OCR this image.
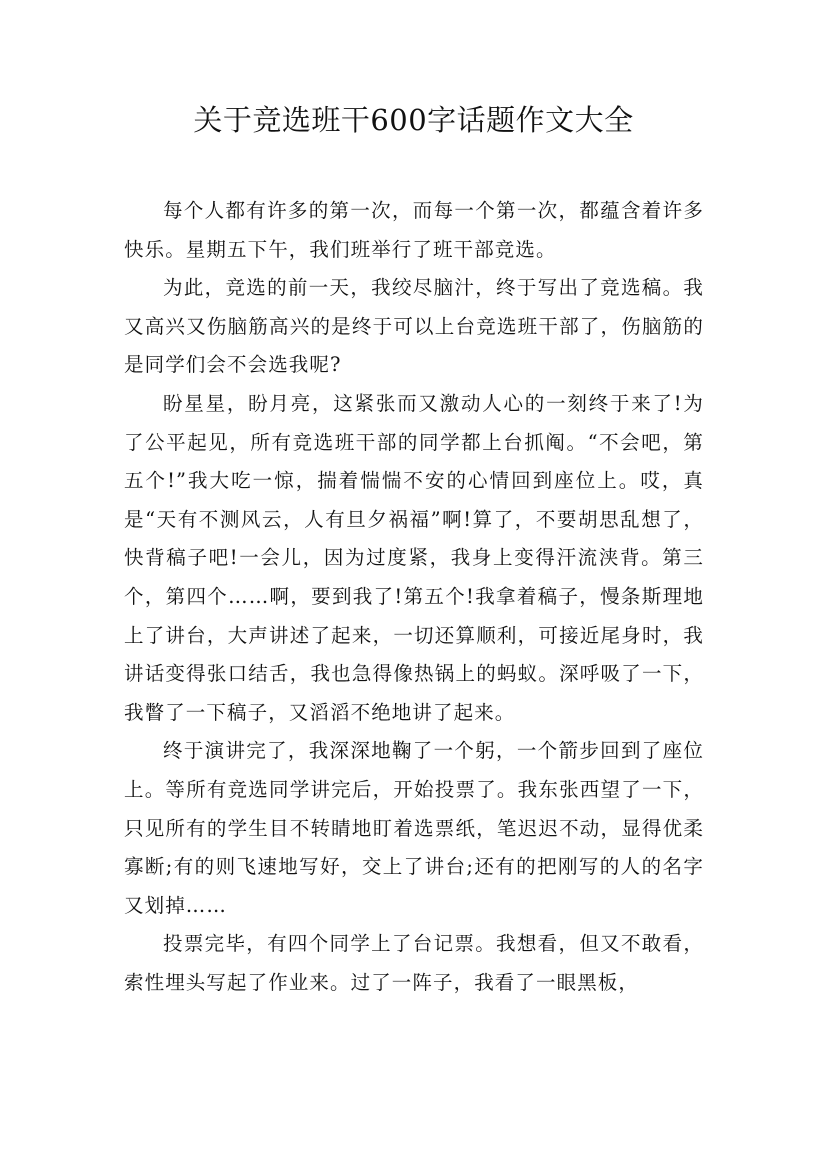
关于竞选班干600字话题作文大全

每个人都有许多的第一次，而每一个第一次，都蕴含着许多快乐。星期五下午，我们班举行了班干部竞选。

为此，竞选的前一天，我绞尽脑汁，终于写出了竞选稿。我又高兴又伤脑筋高兴的是终于可以上台竞选班干部了，伤脑筋的是同学们会不会选我呢?

盼星星，盼月亮，这紧张而又激动人心的一刻终于来了!为了公平起见，所有竞选班干部的同学都上台抓阄。“不会吧，第五个!”我大吃一惊，揣着惴惴不安的心情回到座位上。哎，真是“天有不测风云，人有旦夕祸福”啊!算了，不要胡思乱想了，快背稿子吧!一会儿，因为过度紧，我身上变得汗流浃背。第三个，第四个……啊，要到我了!第五个!我拿着稿子，慢条斯理地上了讲台，大声讲述了起来，一切还算顺利，可接近尾身时，我讲话变得张口结舌，我也急得像热锅上的蚂蚁。深呼吸了一下，我瞥了一下稿子，又滔滔不绝地讲了起来。

终于演讲完了，我深深地鞠了一个躬，一个箭步回到了座位上。等所有竞选同学讲完后，开始投票了。我东张西望了一下，只见所有的学生目不转睛地盯着选票纸，笔迟迟不动，显得优柔寡断;有的则飞速地写好，交上了讲台;还有的把刚写的人的名字又划掉……

投票完毕，有四个同学上了台记票。我想看，但又不敢看，索性埋头写起了作业来。过了一阵子，我看了一眼黑板，
